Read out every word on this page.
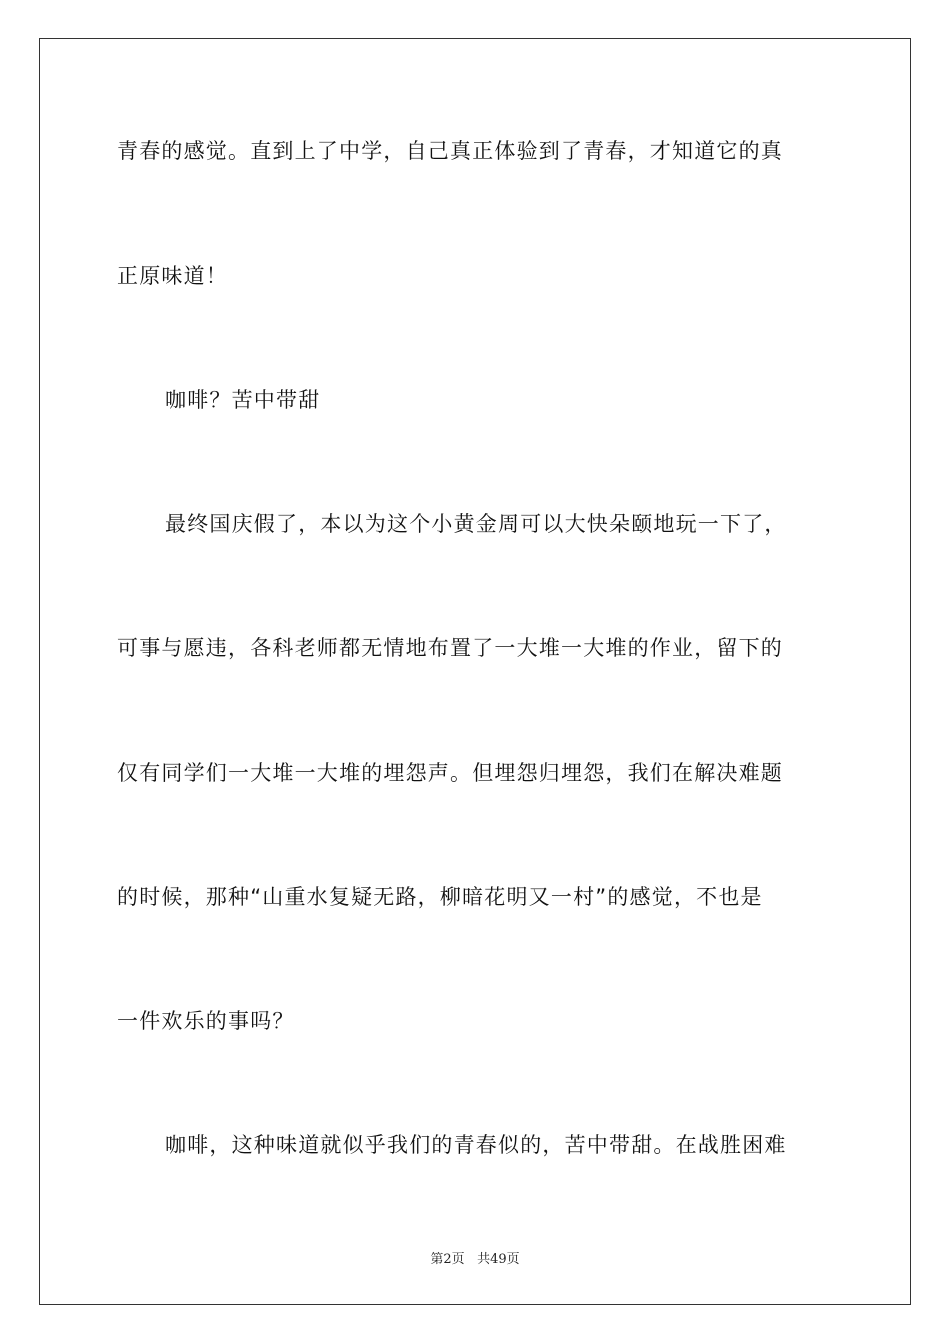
青春的感觉。直到上了中学，自己真正体验到了青春，才知道它的真
正原味道！
咖啡？苦中带甜
最终国庆假了，本以为这个小黄金周可以大快朵颐地玩一下了，
可事与愿违，各科老师都无情地布置了一大堆一大堆的作业，留下的
仅有同学们一大堆一大堆的埋怨声。但埋怨归埋怨，我们在解决难题
的时候，那种“山重水复疑无路，柳暗花明又一村”的感觉，不也是
一件欢乐的事吗？
咖啡，这种味道就似乎我们的青春似的，苦中带甜。在战胜困难
第2页 共49页
